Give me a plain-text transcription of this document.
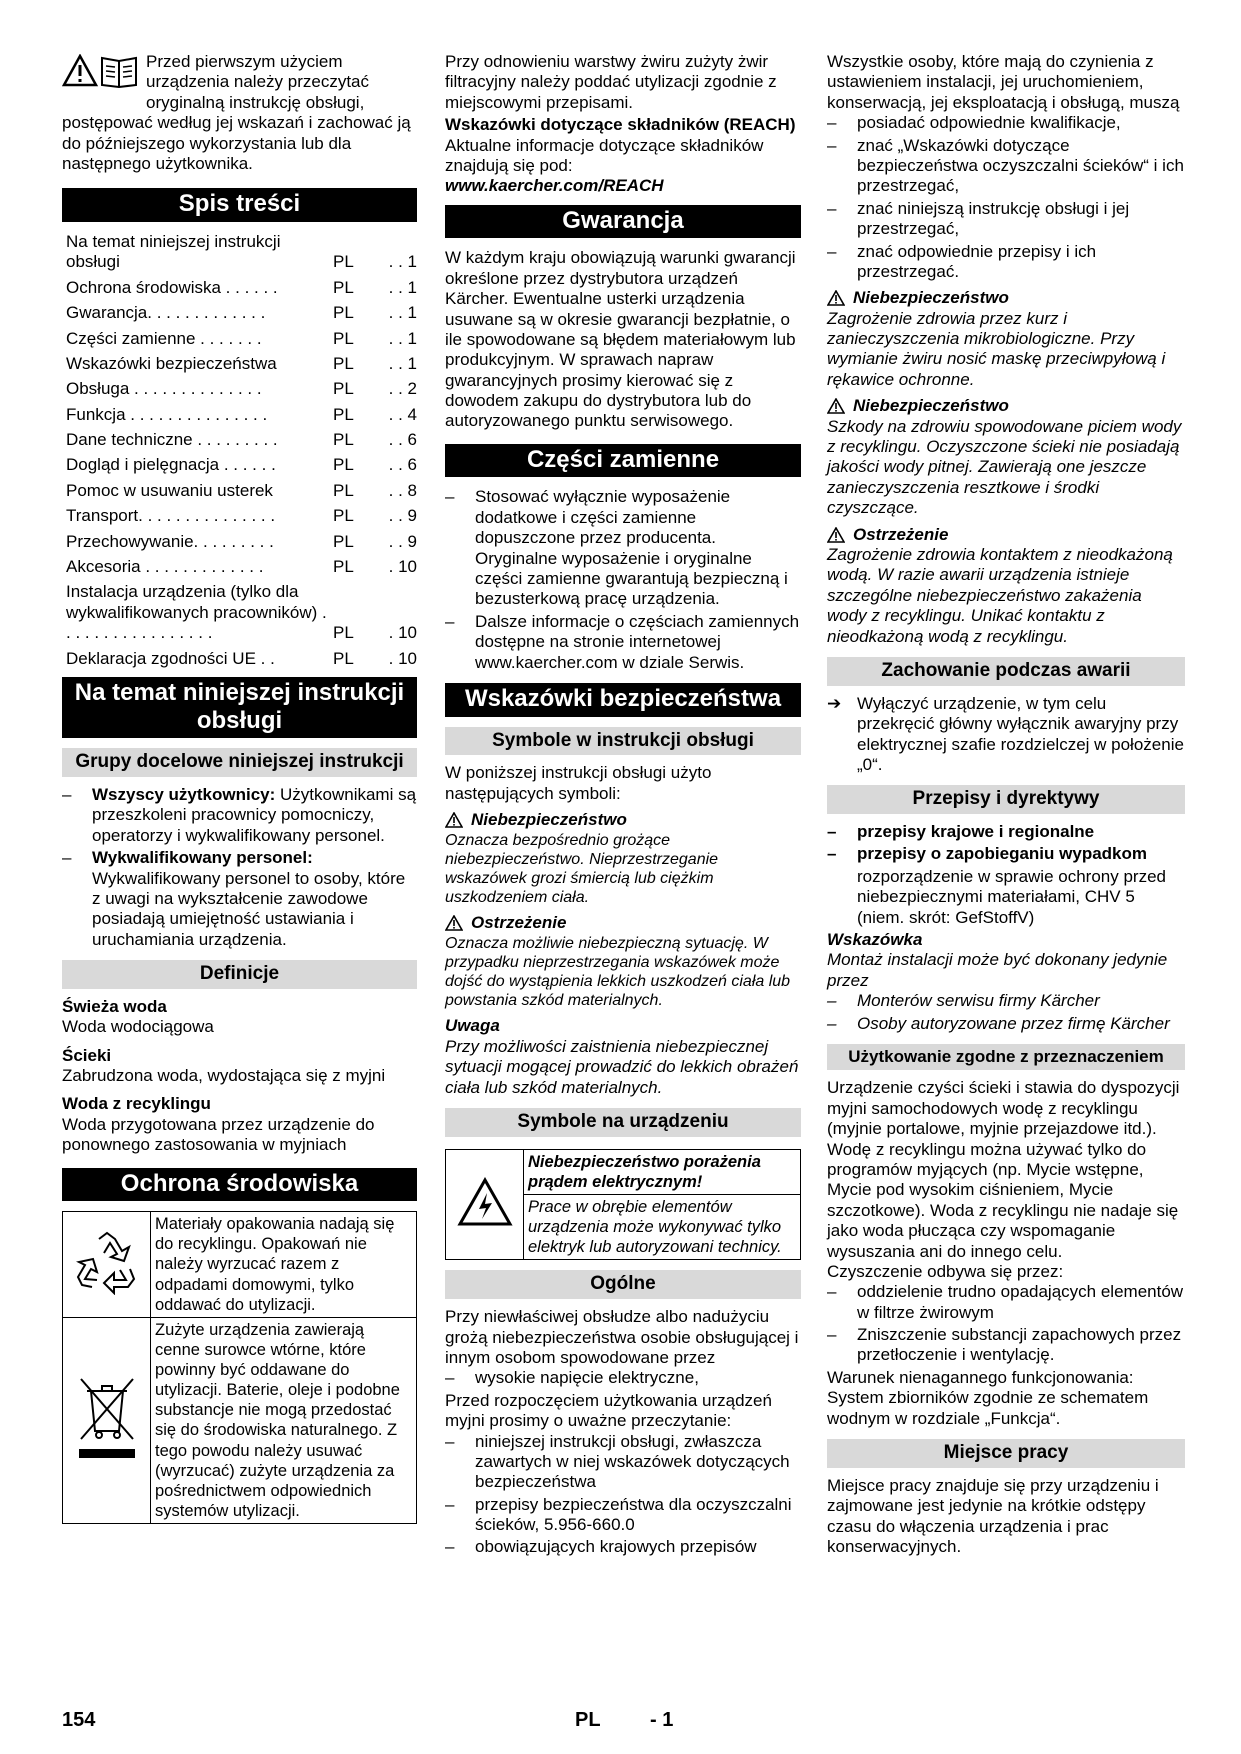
Przed pierwszym użyciem urządzenia należy przeczytać oryginalną instrukcję obsługi, postępować według jej wskazań i zachować ją do późniejszego wykorzystania lub dla następnego użytkownika.
Spis treści
Na temat niniejszej instrukcji obsługi	PL	. . 1
Ochrona środowiska . . . . . .	PL	. . 1
Gwarancja. . . . . . . . . . . . .	PL	. . 1
Części zamienne . . . . . . .	PL	. . 1
Wskazówki bezpieczeństwa	PL	. . 1
Obsługa . . . . . . . . . . . . . .	PL	. . 2
Funkcja . . . . . . . . . . . . . . .	PL	. . 4
Dane techniczne . . . . . . . . .	PL	. . 6
Dogląd i pielęgnacja . . . . . .	PL	. . 6
Pomoc w usuwaniu usterek	PL	. . 8
Transport. . . . . . . . . . . . . . .	PL	. . 9
Przechowywanie. . . . . . . . .	PL	. . 9
Akcesoria . . . . . . . . . . . . .	PL	. 10
Instalacja urządzenia (tylko dla wykwalifikowanych pracowników) . . . . . . . . . . . . . . . . .	PL	. 10
Deklaracja zgodności UE . .	PL	. 10
Na temat niniejszej instrukcji obsługi
Grupy docelowe niniejszej instrukcji
– Wszyscy użytkownicy: Użytkownikami są przeszkoleni pracownicy pomocniczy, operatorzy i wykwalifikowany personel.
– Wykwalifikowany personel: Wykwalifikowany personel to osoby, które z uwagi na wykształcenie zawodowe posiadają umiejętność ustawiania i uruchamiania urządzenia.
Definicje
Świeża woda
Woda wodociągowa
Ścieki
Zabrudzona woda, wydostająca się z myjni
Woda z recyklingu
Woda przygotowana przez urządzenie do ponownego zastosowania w myjniach
Ochrona środowiska
	Materiały opakowania nadają się do recyklingu. Opakowań nie należy wyrzucać razem z odpadami domowymi, tylko oddawać do utylizacji.
	Zużyte urządzenia zawierają cenne surowce wtórne, które powinny być oddawane do utylizacji. Baterie, oleje i podobne substancje nie mogą przedostać się do środowiska naturalnego. Z tego powodu należy usuwać (wyrzucać) zużyte urządzenia za pośrednictwem odpowiednich systemów utylizacji.

Przy odnowieniu warstwy żwiru zużyty żwir filtracyjny należy poddać utylizacji zgodnie z miejscowymi przepisami.

Wskazówki dotyczące składników (REACH)

Aktualne informacje dotyczące składników znajdują się pod:

www.kaercher.com/REACH
Gwarancja

W każdym kraju obowiązują warunki gwarancji określone przez dystrybutora urządzeń Kärcher. Ewentualne usterki urządzenia usuwane są w okresie gwarancji bezpłatnie, o ile spowodowane są błędem materiałowym lub produkcyjnym. W sprawach napraw gwarancyjnych prosimy kierować się z dowodem zakupu do dystrybutora lub do autoryzowanego punktu serwisowego.

Części zamienne
– Stosować wyłącznie wyposażenie dodatkowe i części zamienne dopuszczone przez producenta. Oryginalne wyposażenie i oryginalne części zamienne gwarantują bezpieczną i bezusterkową pracę urządzenia.
– Dalsze informacje o częściach zamiennych dostępne na stronie internetowej www.kaercher.com w dziale Serwis.
Wskazówki bezpieczeństwa
Symbole w instrukcji obsługi

W poniższej instrukcji obsługi użyto następujących symboli:

Niebezpieczeństwo

Oznacza bezpośrednio grożące niebezpieczeństwo. Nieprzestrzeganie wskazówek grozi śmiercią lub ciężkim uszkodzeniem ciała.

Ostrzeżenie

Oznacza możliwie niebezpieczną sytuację. W przypadku nieprzestrzegania wskazówek może dojść do wystąpienia lekkich uszkodzeń ciała lub powstania szkód materialnych.

Uwaga

Przy możliwości zaistnienia niebezpiecznej sytuacji mogącej prowadzić do lekkich obrażeń ciała lub szkód materialnych.

Symbole na urządzeniu
	Niebezpieczeństwo porażenia prądem elektrycznym!
Prace w obrębie elementów urządzenia może wykonywać tylko elektryk lub autoryzowani technicy.
Ogólne

Przy niewłaściwej obsłudze albo nadużyciu grożą niebezpieczeństwa osobie obsługującej i innym osobom spowodowane przez

– wysokie napięcie elektryczne,

Przed rozpoczęciem użytkowania urządzeń myjni prosimy o uważne przeczytanie:

– niniejszej instrukcji obsługi, zwłaszcza zawartych w niej wskazówek dotyczących bezpieczeństwa
– przepisy bezpieczeństwa dla oczyszczalni ścieków, 5.956-660.0
– obowiązujących krajowych przepisów

Wszystkie osoby, które mają do czynienia z ustawieniem instalacji, jej uruchomieniem, konserwacją, jej eksploatacją i obsługą, muszą

– posiadać odpowiednie kwalifikacje,
– znać „Wskazówki dotyczące bezpieczeństwa oczyszczalni ścieków“ i ich przestrzegać,
– znać niniejszą instrukcję obsługi i jej przestrzegać,
– znać odpowiednie przepisy i ich przestrzegać.
Niebezpieczeństwo

Zagrożenie zdrowia przez kurz i zanieczyszczenia mikrobiologiczne. Przy wymianie żwiru nosić maskę przeciwpyłową i rękawice ochronne.

Niebezpieczeństwo

Szkody na zdrowiu spowodowane piciem wody z recyklingu. Oczyszczone ścieki nie posiadają jakości wody pitnej. Zawierają one jeszcze zanieczyszczenia resztkowe i środki czyszczące.

Ostrzeżenie

Zagrożenie zdrowia kontaktem z nieodkażoną wodą. W razie awarii urządzenia istnieje szczególne niebezpieczeństwo zakażenia wody z recyklingu. Unikać kontaktu z nieodkażoną wodą z recyklingu.

Zachowanie podczas awarii
➔ Wyłączyć urządzenie, w tym celu przekręcić główny wyłącznik awaryjny przy elektrycznej szafie rozdzielczej w położenie „0“.
Przepisy i dyrektywy
– przepisy krajowe i regionalne
– przepisy o zapobieganiu wypadkom

rozporządzenie w sprawie ochrony przed niebezpiecznymi materiałami, CHV 5 (niem. skrót: GefStoffV)

Wskazówka

Montaż instalacji może być dokonany jedynie przez

– Monterów serwisu firmy Kärcher
– Osoby autoryzowane przez firmę Kärcher
Użytkowanie zgodne z przeznaczeniem

Urządzenie czyści ścieki i stawia do dyspozycji myjni samochodowych wodę z recyklingu (myjnie portalowe, myjnie przejazdowe itd.). Wodę z recyklingu można używać tylko do programów myjących (np. Mycie wstępne, Mycie pod wysokim ciśnieniem, Mycie szczotkowe). Woda z recyklingu nie nadaje się jako woda płucząca czy wspomaganie wysuszania ani do innego celu.

Czyszczenie odbywa się przez:

– oddzielenie trudno opadających elementów w filtrze żwirowym
– Zniszczenie substancji zapachowych przez przetłoczenie i wentylację.

Warunek nienagannego funkcjonowania: System zbiorników zgodnie ze schematem wodnym w rozdziale „Funkcja“.

Miejsce pracy

Miejsce pracy znajduje się przy urządzeniu i zajmowane jest jedynie na krótkie odstępy czasu do włączenia urządzenia i prac konserwacyjnych.

154	PL - 1
